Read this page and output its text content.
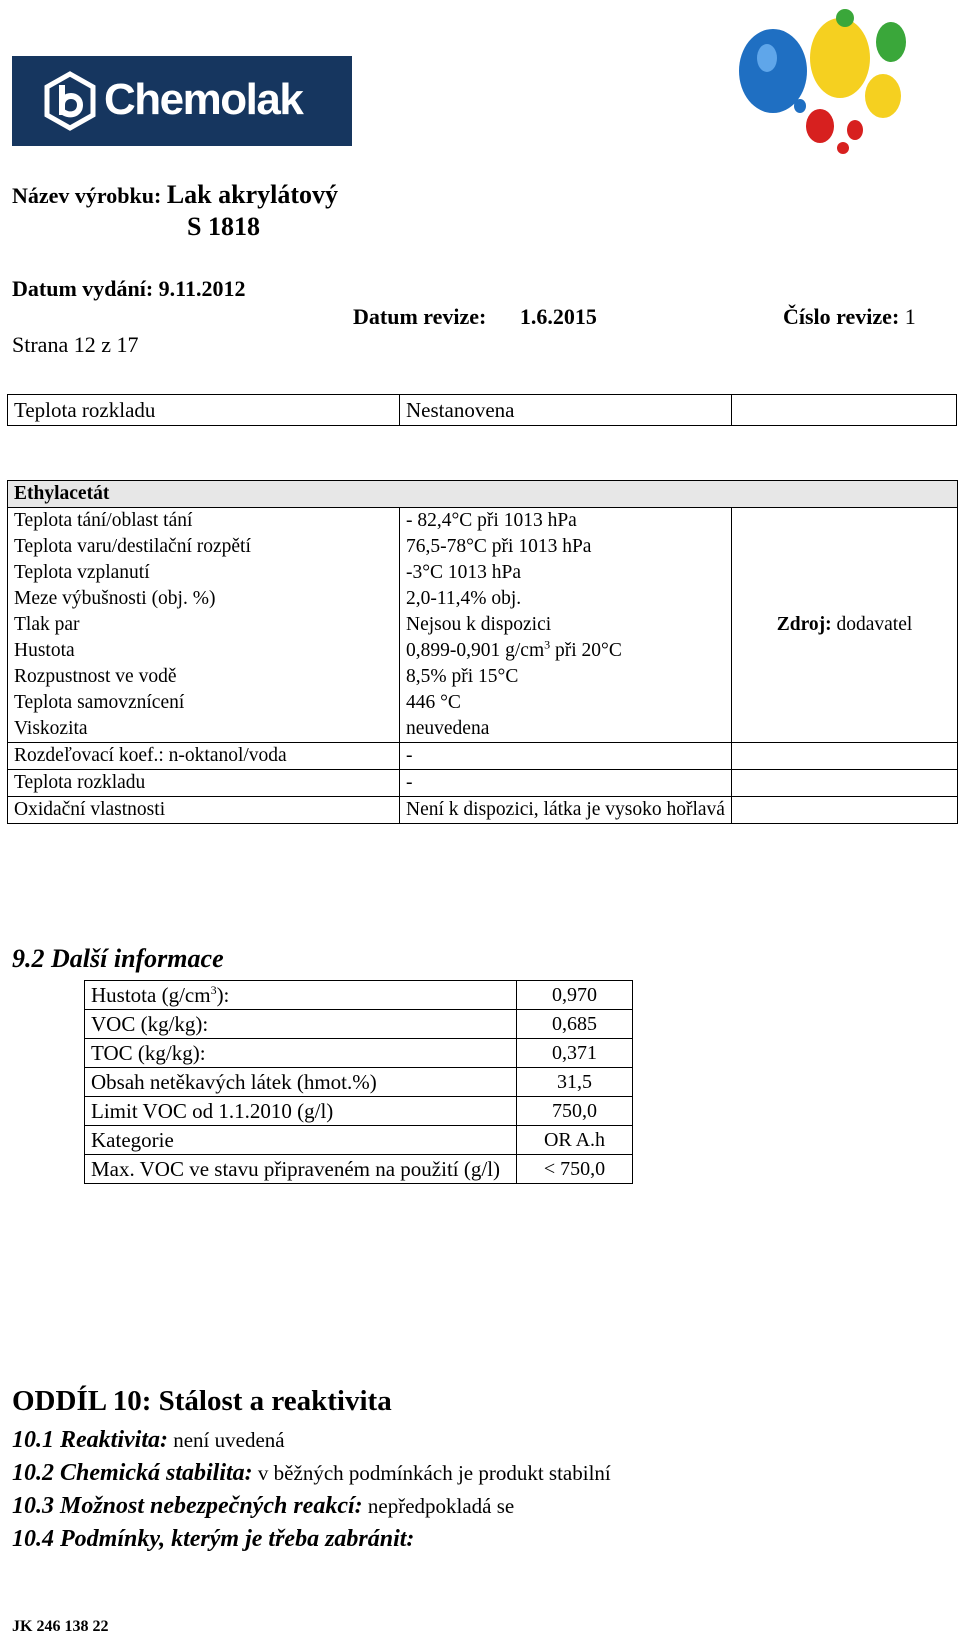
Chemolak
Název výrobku: Lak akrylátový
S 1818
Datum vydání: 9.11.2012
Datum revize: 1.6.2015	Číslo revize: 1
Strana 12 z 17
Teplota rozkladu	Nestanovena	
Ethylacetát		
Teplota tání/oblast tání	- 82,4°C při 1013 hPa	Zdroj: dodavatel
Teplota varu/destilační rozpětí	76,5-78°C při 1013 hPa	
Teplota vzplanutí	-3°C 1013 hPa	
Meze výbušnosti (obj. %)	2,0-11,4% obj.	
Tlak par	Nejsou k dispozici	
Hustota	0,899-0,901 $g/cm^3$ při 20°C	
Rozpustnost ve vodě	8,5% při 15°C	
Teplota samovznícení	446 °C	
Viskozita	neuvedena	
Rozdeľovací koef.: n-oktanol/voda	-	
Teplota rozkladu	-	
Oxidační vlastnosti	Není k dispozici, látka je vysoko hořlavá	
9.2 Další informace
Hustota $(g/cm^3)$:	0,970
VOC (kg/kg):	0,685
TOC (kg/kg):	0,371
Obsah netěkavých látek (hmot.%)	31,5
Limit VOC od 1.1.2010 (g/l)	750,0
Kategorie	OR A.h
Max. VOC ve stavu připraveném na použití (g/l)	< 750,0
ODDÍL 10: Stálost a reaktivita
10.1 Reaktivita: není uvedená
10.2 Chemická stabilita: v běžných podmínkách je produkt stabilní
10.3 Možnost nebezpečných reakcí: nepředpokladá se
10.4 Podmínky, kterým je třeba zabránit:
JK 246 138 22
